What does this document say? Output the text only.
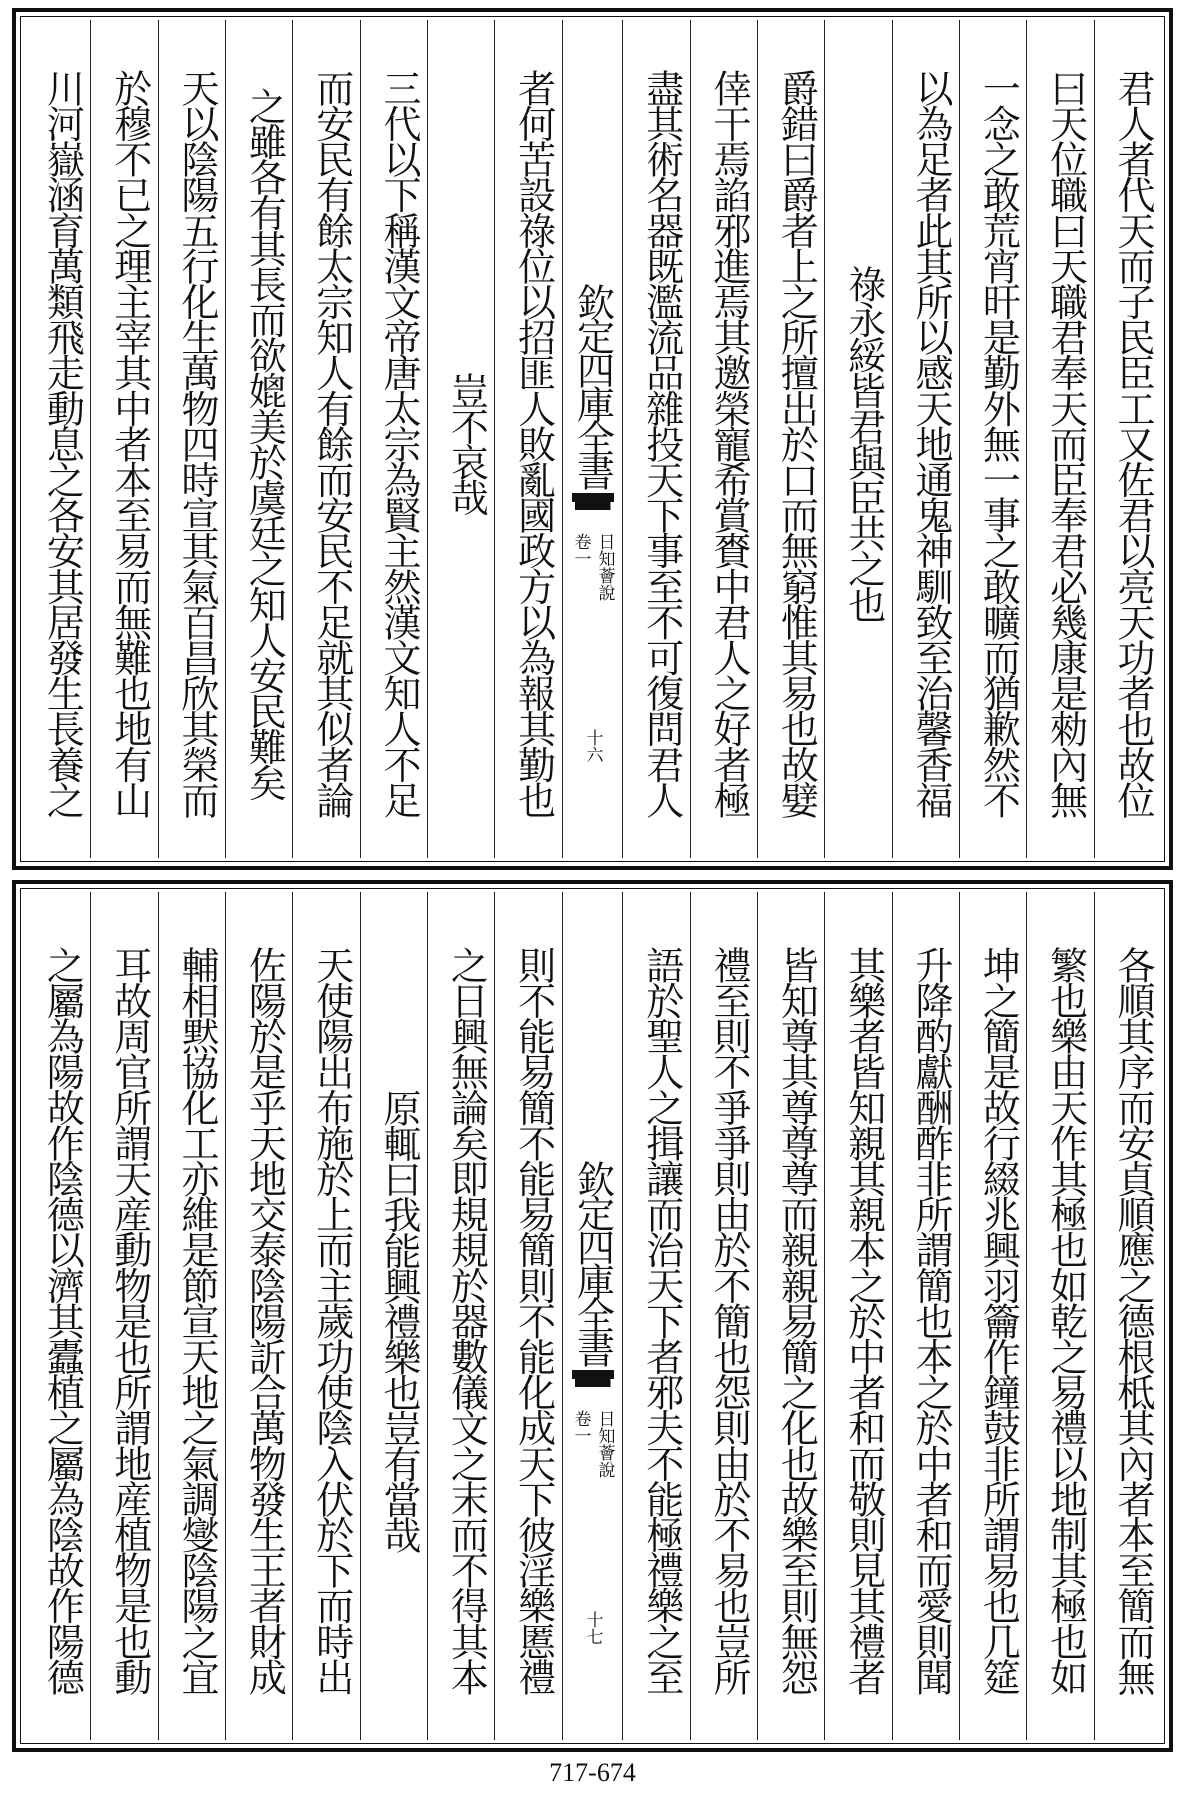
君人者代天而子民臣工又佐君以亮天功者也故位
曰天位職曰天職君奉天而臣奉君必幾康是勑內無
一念之敢荒宵旰是勤外無一事之敢曠而猶歉然不
以為足者此其所以感天地通鬼神馴致至治馨香福
祿永綏皆君與臣共之也
爵錯曰爵者上之所擅出於口而無窮惟其易也故嬖
倖干焉諂邪進焉其邀榮寵希賞賚中君人之好者極
盡其術名器既濫流品雜投天下事至不可復問君人
欽定四庫全書
日知薈說
卷一
十六
者何苦設祿位以招匪人敗亂國政方以為報其勤也
豈不哀哉
三代以下稱漢文帝唐太宗為賢主然漢文知人不足
而安民有餘太宗知人有餘而安民不足就其似者論
之雖各有其長而欲媲美於虞廷之知人安民難矣
天以陰陽五行化生萬物四時宣其氣百昌欣其榮而
於穆不已之理主宰其中者本至易而無難也地有山
川河嶽涵育萬類飛走動息之各安其居發生長養之
各順其序而安貞順應之德根柢其內者本至簡而無
繁也樂由天作其極也如乾之易禮以地制其極也如
坤之簡是故行綴兆興羽籥作鐘鼓非所謂易也几筵
升降酌獻酬酢非所謂簡也本之於中者和而愛則聞
其樂者皆知親其親本之於中者和而敬則見其禮者
皆知尊其尊尊尊而親親易簡之化也故樂至則無怨
禮至則不爭爭則由於不簡也怨則由於不易也豈所
語於聖人之揖讓而治天下者邪夫不能極禮樂之至
欽定四庫全書
日知薈說
卷一
十七
則不能易簡不能易簡則不能化成天下彼淫樂慝禮
之日興無論矣即規規於器數儀文之末而不得其本
原輒曰我能興禮樂也豈有當哉
天使陽出布施於上而主歲功使陰入伏於下而時出
佐陽於是乎天地交泰陰陽訢合萬物發生王者財成
輔相黙協化工亦維是節宣天地之氣調燮陰陽之宜
耳故周官所謂天産動物是也所謂地産植物是也動
之屬為陽故作陰德以濟其蠹植之屬為陰故作陽德
717-674
